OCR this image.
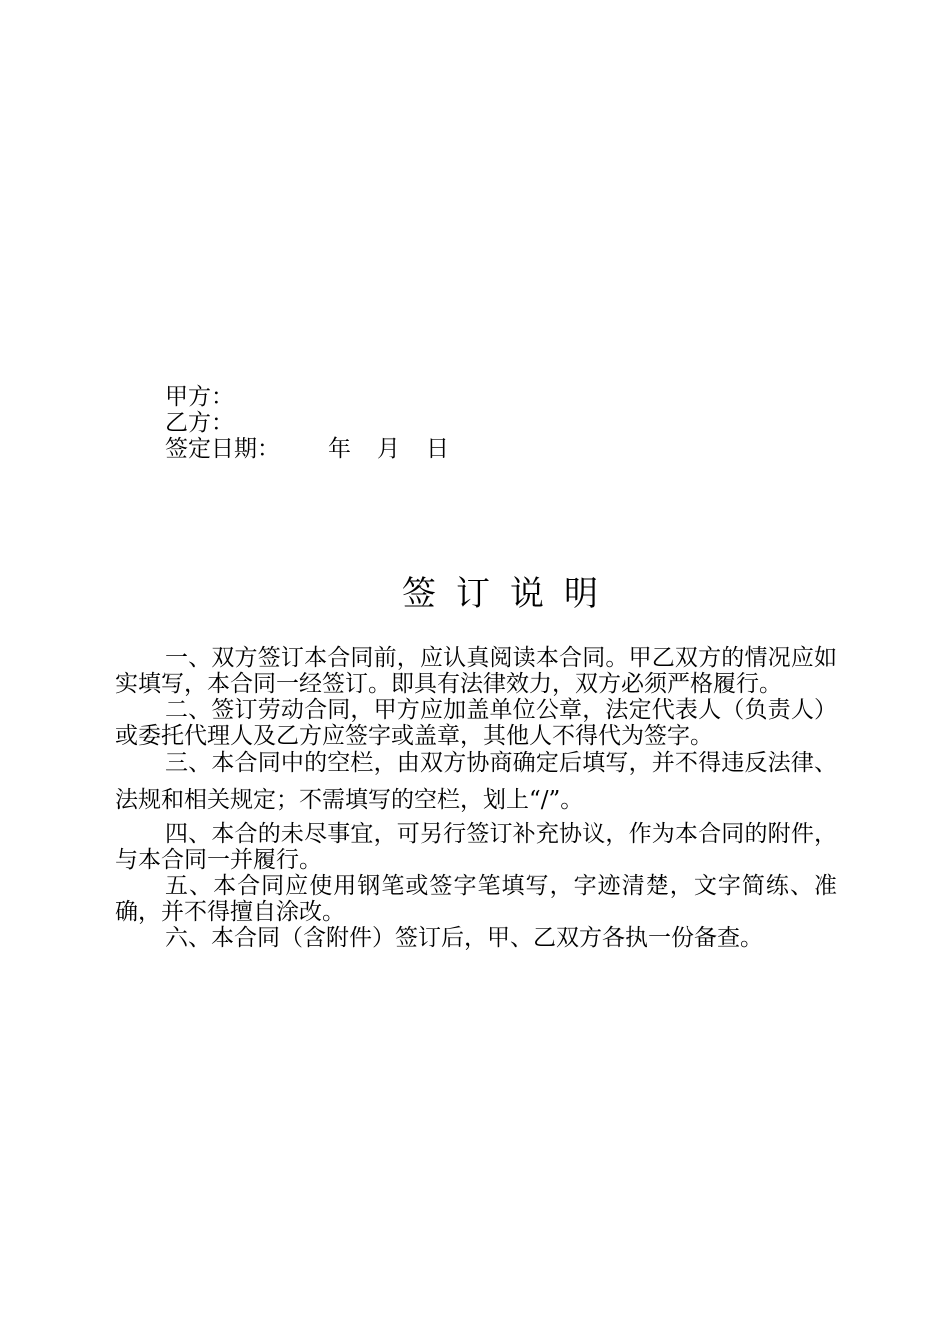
甲方：
乙方：
签定日期： 年 月 日
签订说明

一、双方签订本合同前，应认真阅读本合同。甲乙双方的情况应如实填写，本合同一经签订。即具有法律效力，双方必须严格履行。

二、签订劳动合同，甲方应加盖单位公章，法定代表人（负责人）或委托代理人及乙方应签字或盖章，其他人不得代为签字。

三、本合同中的空栏，由双方协商确定后填写，并不得违反法律、法规和相关规定；不需填写的空栏，划上“/”。

四、本合的未尽事宜，可另行签订补充协议，作为本合同的附件，与本合同一并履行。

五、本合同应使用钢笔或签字笔填写，字迹清楚，文字简练、准确，并不得擅自涂改。

六、本合同（含附件）签订后，甲、乙双方各执一份备查。
